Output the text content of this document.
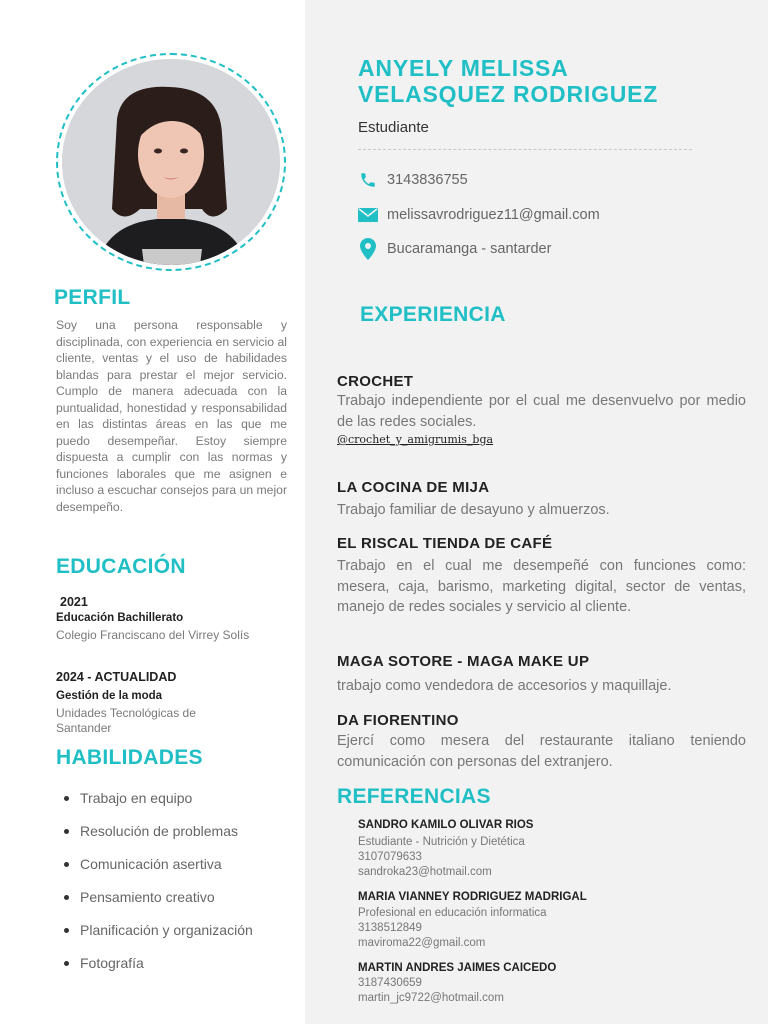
PERFIL

Soy una persona responsable y disciplinada, con experiencia en servicio al cliente, ventas y el uso de habilidades blandas para prestar el mejor servicio. Cumplo de manera adecuada con la puntualidad, honestidad y responsabilidad en las distintas áreas en las que me puedo desempeñar. Estoy siempre dispuesta a cumplir con las normas y funciones laborales que me asignen e incluso a escuchar consejos para un mejor desempeño.

EDUCACIÓN
2021
Educación Bachillerato
Colegio Franciscano del Virrey Solís
2024 - ACTUALIDAD
Gestión de la moda
Unidades Tecnológicas de Santander
HABILIDADES
Trabajo en equipo
Resolución de problemas
Comunicación asertiva
Pensamiento creativo
Planificación y organización
Fotografía
ANYELY MELISSA
VELASQUEZ RODRIGUEZ
Estudiante
3143836755
melissavrodriguez11@gmail.com
Bucaramanga - santarder
EXPERIENCIA
CROCHET
Trabajo independiente por el cual me desenvuelvo por medio de las redes sociales.
@crochet_y_amigrumis_bga
LA COCINA DE MIJA
Trabajo familiar de desayuno y almuerzos.
EL RISCAL TIENDA DE CAFÉ
Trabajo en el cual me desempeñé con funciones como: mesera, caja, barismo, marketing digital, sector de ventas, manejo de redes sociales y servicio al cliente.
MAGA SOTORE - MAGA MAKE UP
trabajo como vendedora de accesorios y maquillaje.
DA FIORENTINO
Ejercí como mesera del restaurante italiano teniendo comunicación con personas del extranjero.
REFERENCIAS
SANDRO KAMILO OLIVAR RIOS
Estudiante - Nutrición y Dietética
3107079633
sandroka23@hotmail.com
MARIA VIANNEY RODRIGUEZ MADRIGAL
Profesional en educación informatica
3138512849
maviroma22@gmail.com
MARTIN ANDRES JAIMES CAICEDO
3187430659
martin_jc9722@hotmail.com
